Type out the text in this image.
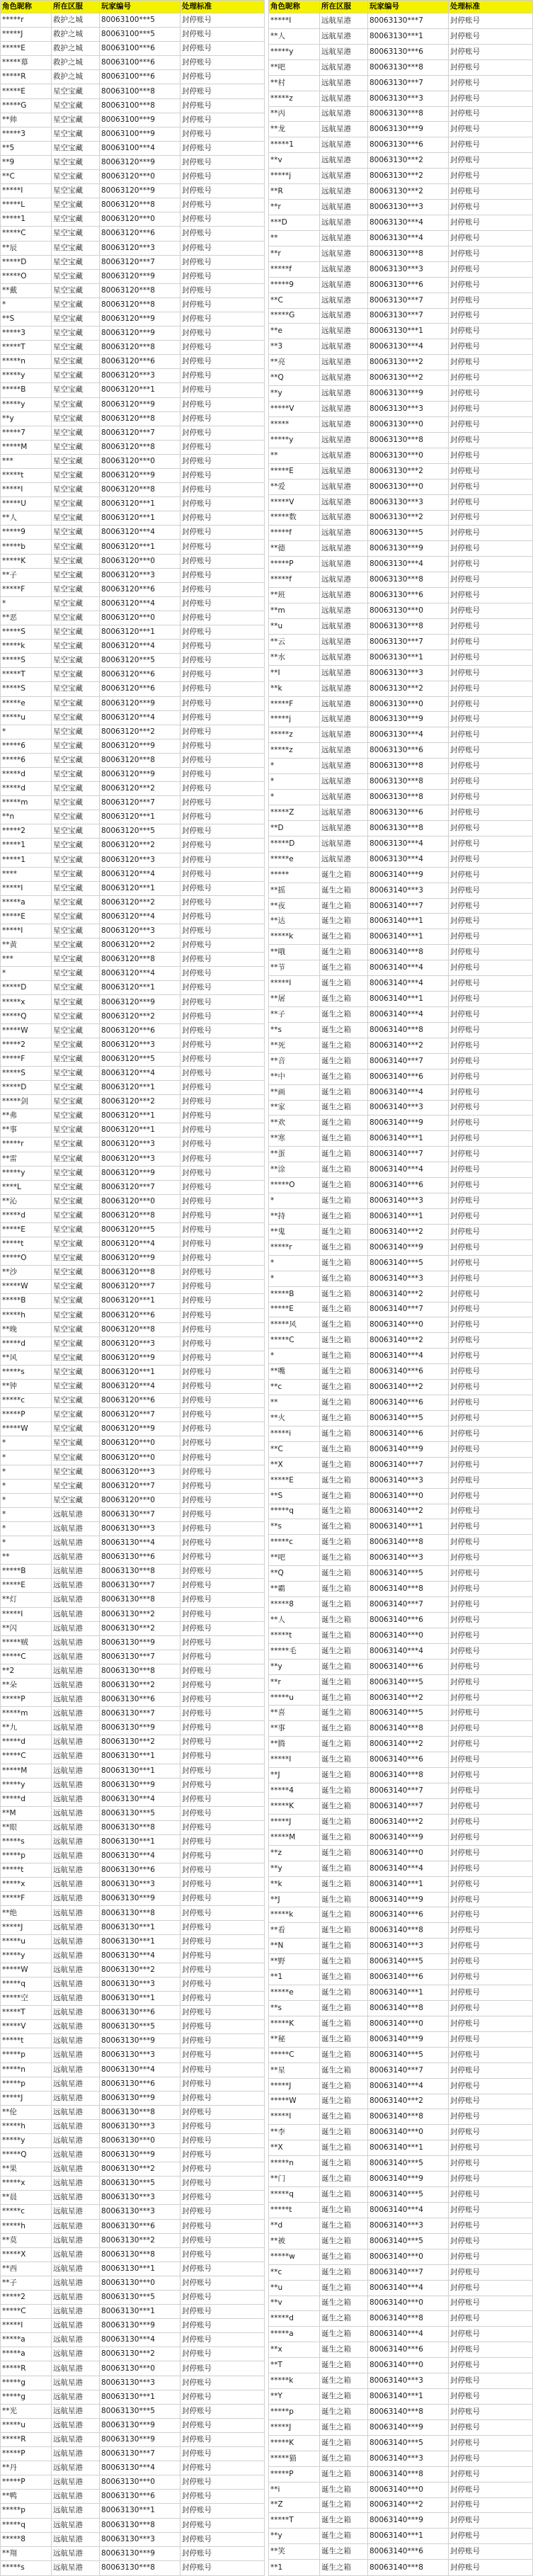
角色昵称	所在区服	玩家编号	处理标准
*****r	救护之城	80063100***5	封停账号
*****J	救护之城	80063100***5	封停账号
*****E	救护之城	80063100***6	封停账号
*****幕	救护之城	80063100***6	封停账号
*****R	救护之城	80063100***6	封停账号
*****E	星空宝藏	80063100***8	封停账号
*****G	星空宝藏	80063100***8	封停账号
**帅	星空宝藏	80063100***9	封停账号
*****3	星空宝藏	80063100***9	封停账号
**5	星空宝藏	80063100***4	封停账号
**9	星空宝藏	80063120***9	封停账号
**C	星空宝藏	80063120***0	封停账号
*****I	星空宝藏	80063120***9	封停账号
*****L	星空宝藏	80063120***8	封停账号
*****1	星空宝藏	80063120***0	封停账号
*****C	星空宝藏	80063120***6	封停账号
**辰	星空宝藏	80063120***3	封停账号
*****D	星空宝藏	80063120***7	封停账号
*****O	星空宝藏	80063120***9	封停账号
**戴	星空宝藏	80063120***8	封停账号
*	星空宝藏	80063120***8	封停账号
**S	星空宝藏	80063120***9	封停账号
*****3	星空宝藏	80063120***9	封停账号
*****T	星空宝藏	80063120***8	封停账号
*****n	星空宝藏	80063120***6	封停账号
*****y	星空宝藏	80063120***3	封停账号
*****B	星空宝藏	80063120***1	封停账号
*****y	星空宝藏	80063120***9	封停账号
**y	星空宝藏	80063120***8	封停账号
*****7	星空宝藏	80063120***7	封停账号
*****M	星空宝藏	80063120***8	封停账号
***	星空宝藏	80063120***0	封停账号
*****t	星空宝藏	80063120***9	封停账号
*****I	星空宝藏	80063120***8	封停账号
*****U	星空宝藏	80063120***1	封停账号
**人	星空宝藏	80063120***1	封停账号
*****9	星空宝藏	80063120***4	封停账号
*****b	星空宝藏	80063120***1	封停账号
*****K	星空宝藏	80063120***0	封停账号
**子	星空宝藏	80063120***3	封停账号
*****F	星空宝藏	80063120***6	封停账号
*	星空宝藏	80063120***4	封停账号
**恶	星空宝藏	80063120***0	封停账号
*****S	星空宝藏	80063120***1	封停账号
*****k	星空宝藏	80063120***4	封停账号
*****S	星空宝藏	80063120***5	封停账号
*****T	星空宝藏	80063120***6	封停账号
*****S	星空宝藏	80063120***6	封停账号
*****e	星空宝藏	80063120***9	封停账号
*****u	星空宝藏	80063120***4	封停账号
*	星空宝藏	80063120***2	封停账号
*****6	星空宝藏	80063120***9	封停账号
*****6	星空宝藏	80063120***8	封停账号
*****d	星空宝藏	80063120***9	封停账号
*****d	星空宝藏	80063120***2	封停账号
*****m	星空宝藏	80063120***7	封停账号
**n	星空宝藏	80063120***1	封停账号
*****2	星空宝藏	80063120***5	封停账号
*****1	星空宝藏	80063120***2	封停账号
*****1	星空宝藏	80063120***3	封停账号
****	星空宝藏	80063120***4	封停账号
*****I	星空宝藏	80063120***1	封停账号
*****a	星空宝藏	80063120***2	封停账号
*****E	星空宝藏	80063120***4	封停账号
*****I	星空宝藏	80063120***3	封停账号
**黄	星空宝藏	80063120***2	封停账号
***	星空宝藏	80063120***8	封停账号
*	星空宝藏	80063120***4	封停账号
*****D	星空宝藏	80063120***1	封停账号
*****x	星空宝藏	80063120***9	封停账号
*****Q	星空宝藏	80063120***2	封停账号
*****W	星空宝藏	80063120***6	封停账号
*****2	星空宝藏	80063120***3	封停账号
*****F	星空宝藏	80063120***5	封停账号
*****S	星空宝藏	80063120***4	封停账号
*****D	星空宝藏	80063120***1	封停账号
*****剑	星空宝藏	80063120***2	封停账号
**弗	星空宝藏	80063120***1	封停账号
**事	星空宝藏	80063120***1	封停账号
*****r	星空宝藏	80063120***3	封停账号
**雷	星空宝藏	80063120***3	封停账号
*****y	星空宝藏	80063120***9	封停账号
****L	星空宝藏	80063120***7	封停账号
**沁	星空宝藏	80063120***0	封停账号
*****d	星空宝藏	80063120***8	封停账号
*****E	星空宝藏	80063120***5	封停账号
*****t	星空宝藏	80063120***4	封停账号
*****O	星空宝藏	80063120***9	封停账号
**沙	星空宝藏	80063120***8	封停账号
*****W	星空宝藏	80063120***7	封停账号
*****B	星空宝藏	80063120***1	封停账号
*****h	星空宝藏	80063120***6	封停账号
**晚	星空宝藏	80063120***8	封停账号
*****d	星空宝藏	80063120***3	封停账号
**风	星空宝藏	80063120***9	封停账号
*****s	星空宝藏	80063120***1	封停账号
**钟	星空宝藏	80063120***4	封停账号
*****c	星空宝藏	80063120***6	封停账号
*****P	星空宝藏	80063120***7	封停账号
*****W	星空宝藏	80063120***9	封停账号
*	星空宝藏	80063120***0	封停账号
*	星空宝藏	80063120***0	封停账号
*	星空宝藏	80063120***3	封停账号
*	星空宝藏	80063120***7	封停账号
*	星空宝藏	80063120***0	封停账号
*	远航星港	80063130***7	封停账号
*	远航星港	80063130***3	封停账号
*	远航星港	80063130***4	封停账号
**	远航星港	80063130***6	封停账号
*****B	远航星港	80063130***8	封停账号
*****E	远航星港	80063130***7	封停账号
**灯	远航星港	80063130***8	封停账号
*****I	远航星港	80063130***2	封停账号
**闪	远航星港	80063130***2	封停账号
*****贼	远航星港	80063130***9	封停账号
*****C	远航星港	80063130***7	封停账号
**2	远航星港	80063130***8	封停账号
**朵	远航星港	80063130***2	封停账号
*****P	远航星港	80063130***6	封停账号
*****m	远航星港	80063130***7	封停账号
**九	远航星港	80063130***9	封停账号
*****d	远航星港	80063130***2	封停账号
*****C	远航星港	80063130***1	封停账号
*****M	远航星港	80063130***1	封停账号
*****y	远航星港	80063130***9	封停账号
*****d	远航星港	80063130***4	封停账号
**M	远航星港	80063130***5	封停账号
**眼	远航星港	80063130***8	封停账号
*****s	远航星港	80063130***1	封停账号
*****p	远航星港	80063130***4	封停账号
*****t	远航星港	80063130***6	封停账号
*****x	远航星港	80063130***3	封停账号
*****F	远航星港	80063130***9	封停账号
**绝	远航星港	80063130***8	封停账号
*****J	远航星港	80063130***1	封停账号
*****u	远航星港	80063130***1	封停账号
*****y	远航星港	80063130***4	封停账号
*****W	远航星港	80063130***2	封停账号
*****q	远航星港	80063130***3	封停账号
*****空	远航星港	80063130***1	封停账号
*****T	远航星港	80063130***6	封停账号
*****V	远航星港	80063130***5	封停账号
*****t	远航星港	80063130***9	封停账号
*****p	远航星港	80063130***3	封停账号
*****n	远航星港	80063130***4	封停账号
*****p	远航星港	80063130***6	封停账号
*****J	远航星港	80063130***9	封停账号
**伦	远航星港	80063130***8	封停账号
*****h	远航星港	80063130***3	封停账号
*****y	远航星港	80063130***0	封停账号
*****Q	远航星港	80063130***9	封停账号
**果	远航星港	80063130***2	封停账号
*****x	远航星港	80063130***5	封停账号
**晨	远航星港	80063130***3	封停账号
*****c	远航星港	80063130***3	封停账号
*****h	远航星港	80063130***6	封停账号
**莫	远航星港	80063130***2	封停账号
*****X	远航星港	80063130***8	封停账号
**西	远航星港	80063130***1	封停账号
**子	远航星港	80063130***0	封停账号
*****2	远航星港	80063130***5	封停账号
*****C	远航星港	80063130***1	封停账号
*****I	远航星港	80063130***9	封停账号
*****a	远航星港	80063130***4	封停账号
*****a	远航星港	80063130***2	封停账号
*****R	远航星港	80063130***0	封停账号
*****g	远航星港	80063130***3	封停账号
*****g	远航星港	80063130***1	封停账号
**光	远航星港	80063130***5	封停账号
*****u	远航星港	80063130***9	封停账号
*****R	远航星港	80063130***9	封停账号
*****P	远航星港	80063130***7	封停账号
**丹	远航星港	80063130***4	封停账号
*****P	远航星港	80063130***0	封停账号
**鸭	远航星港	80063130***6	封停账号
*****p	远航星港	80063130***1	封停账号
*****q	远航星港	80063130***8	封停账号
*****8	远航星港	80063130***3	封停账号
**翔	远航星港	80063130***9	封停账号
*****s	远航星港	80063130***8	封停账号
角色昵称	所在区服	玩家编号	处理标准
*****I	远航星港	80063130***7	封停账号
**人	远航星港	80063130***1	封停账号
*****y	远航星港	80063130***6	封停账号
**吧	远航星港	80063130***8	封停账号
**村	远航星港	80063130***7	封停账号
*****z	远航星港	80063130***3	封停账号
**丙	远航星港	80063130***8	封停账号
**龙	远航星港	80063130***9	封停账号
*****1	远航星港	80063130***6	封停账号
**v	远航星港	80063130***2	封停账号
*****j	远航星港	80063130***2	封停账号
**R	远航星港	80063130***2	封停账号
**r	远航星港	80063130***3	封停账号
***D	远航星港	80063130***4	封停账号
**	远航星港	80063130***4	封停账号
**r	远航星港	80063130***8	封停账号
*****f	远航星港	80063130***3	封停账号
*****9	远航星港	80063130***6	封停账号
**C	远航星港	80063130***7	封停账号
*****G	远航星港	80063130***7	封停账号
**e	远航星港	80063130***1	封停账号
**3	远航星港	80063130***4	封停账号
**亮	远航星港	80063130***2	封停账号
**Q	远航星港	80063130***2	封停账号
**y	远航星港	80063130***9	封停账号
*****V	远航星港	80063130***3	封停账号
*****	远航星港	80063130***0	封停账号
*****y	远航星港	80063130***8	封停账号
**	远航星港	80063130***0	封停账号
*****E	远航星港	80063130***2	封停账号
**爱	远航星港	80063130***0	封停账号
*****V	远航星港	80063130***3	封停账号
*****数	远航星港	80063130***2	封停账号
*****f	远航星港	80063130***5	封停账号
**德	远航星港	80063130***9	封停账号
*****P	远航星港	80063130***4	封停账号
*****f	远航星港	80063130***8	封停账号
**班	远航星港	80063130***6	封停账号
**m	远航星港	80063130***0	封停账号
**u	远航星港	80063130***8	封停账号
**云	远航星港	80063130***7	封停账号
**水	远航星港	80063130***1	封停账号
**I	远航星港	80063130***3	封停账号
**k	远航星港	80063130***2	封停账号
*****F	远航星港	80063130***0	封停账号
*****j	远航星港	80063130***9	封停账号
*****z	远航星港	80063130***4	封停账号
*****z	远航星港	80063130***6	封停账号
*	远航星港	80063130***8	封停账号
*	远航星港	80063130***8	封停账号
*	远航星港	80063130***8	封停账号
*****Z	远航星港	80063130***6	封停账号
**D	远航星港	80063130***8	封停账号
*****D	远航星港	80063130***4	封停账号
*****e	远航星港	80063130***4	封停账号
*****	诞生之箱	80063140***9	封停账号
**摇	诞生之箱	80063140***3	封停账号
**夜	诞生之箱	80063140***7	封停账号
**达	诞生之箱	80063140***1	封停账号
*****k	诞生之箱	80063140***1	封停账号
**哦	诞生之箱	80063140***8	封停账号
**节	诞生之箱	80063140***4	封停账号
*****I	诞生之箱	80063140***4	封停账号
**屠	诞生之箱	80063140***1	封停账号
**子	诞生之箱	80063140***4	封停账号
**s	诞生之箱	80063140***8	封停账号
**死	诞生之箱	80063140***2	封停账号
**音	诞生之箱	80063140***7	封停账号
**中	诞生之箱	80063140***6	封停账号
**画	诞生之箱	80063140***4	封停账号
**家	诞生之箱	80063140***3	封停账号
**欢	诞生之箱	80063140***9	封停账号
**寒	诞生之箱	80063140***1	封停账号
**蛋	诞生之箱	80063140***7	封停账号
**涂	诞生之箱	80063140***4	封停账号
*****O	诞生之箱	80063140***6	封停账号
*	诞生之箱	80063140***3	封停账号
**持	诞生之箱	80063140***1	封停账号
**鬼	诞生之箱	80063140***2	封停账号
*****r	诞生之箱	80063140***9	封停账号
*	诞生之箱	80063140***5	封停账号
*	诞生之箱	80063140***3	封停账号
*****B	诞生之箱	80063140***2	封停账号
*****E	诞生之箱	80063140***7	封停账号
*****风	诞生之箱	80063140***0	封停账号
*****C	诞生之箱	80063140***2	封停账号
*	诞生之箱	80063140***4	封停账号
**嘴	诞生之箱	80063140***6	封停账号
**c	诞生之箱	80063140***2	封停账号
**	诞生之箱	80063140***6	封停账号
**火	诞生之箱	80063140***5	封停账号
*****i	诞生之箱	80063140***6	封停账号
**C	诞生之箱	80063140***9	封停账号
**X	诞生之箱	80063140***7	封停账号
*****E	诞生之箱	80063140***3	封停账号
**S	诞生之箱	80063140***0	封停账号
*****q	诞生之箱	80063140***2	封停账号
**s	诞生之箱	80063140***1	封停账号
*****c	诞生之箱	80063140***8	封停账号
**吧	诞生之箱	80063140***3	封停账号
**Q	诞生之箱	80063140***5	封停账号
**霸	诞生之箱	80063140***8	封停账号
*****8	诞生之箱	80063140***7	封停账号
**人	诞生之箱	80063140***6	封停账号
*****t	诞生之箱	80063140***0	封停账号
*****毛	诞生之箱	80063140***4	封停账号
**y	诞生之箱	80063140***6	封停账号
**r	诞生之箱	80063140***5	封停账号
*****u	诞生之箱	80063140***2	封停账号
**喜	诞生之箱	80063140***5	封停账号
**事	诞生之箱	80063140***8	封停账号
**腾	诞生之箱	80063140***2	封停账号
*****I	诞生之箱	80063140***6	封停账号
**J	诞生之箱	80063140***8	封停账号
*****4	诞生之箱	80063140***7	封停账号
*****K	诞生之箱	80063140***7	封停账号
*****J	诞生之箱	80063140***2	封停账号
*****M	诞生之箱	80063140***9	封停账号
**z	诞生之箱	80063140***0	封停账号
**y	诞生之箱	80063140***4	封停账号
**k	诞生之箱	80063140***1	封停账号
**J	诞生之箱	80063140***9	封停账号
*****k	诞生之箱	80063140***6	封停账号
**看	诞生之箱	80063140***8	封停账号
**N	诞生之箱	80063140***3	封停账号
**野	诞生之箱	80063140***5	封停账号
**1	诞生之箱	80063140***6	封停账号
*****e	诞生之箱	80063140***1	封停账号
**s	诞生之箱	80063140***8	封停账号
*****K	诞生之箱	80063140***0	封停账号
**秘	诞生之箱	80063140***9	封停账号
*****C	诞生之箱	80063140***5	封停账号
**星	诞生之箱	80063140***7	封停账号
*****J	诞生之箱	80063140***4	封停账号
*****W	诞生之箱	80063140***2	封停账号
*****I	诞生之箱	80063140***8	封停账号
**李	诞生之箱	80063140***0	封停账号
**X	诞生之箱	80063140***1	封停账号
*****n	诞生之箱	80063140***5	封停账号
**门	诞生之箱	80063140***9	封停账号
*****q	诞生之箱	80063140***5	封停账号
*****t	诞生之箱	80063140***4	封停账号
**d	诞生之箱	80063140***3	封停账号
**被	诞生之箱	80063140***5	封停账号
*****w	诞生之箱	80063140***0	封停账号
**c	诞生之箱	80063140***7	封停账号
**u	诞生之箱	80063140***4	封停账号
**v	诞生之箱	80063140***0	封停账号
*****d	诞生之箱	80063140***8	封停账号
*****a	诞生之箱	80063140***4	封停账号
**x	诞生之箱	80063140***6	封停账号
**T	诞生之箱	80063140***0	封停账号
*****k	诞生之箱	80063140***3	封停账号
**Y	诞生之箱	80063140***1	封停账号
*****p	诞生之箱	80063140***8	封停账号
*****J	诞生之箱	80063140***9	封停账号
*****K	诞生之箱	80063140***5	封停账号
*****猫	诞生之箱	80063140***3	封停账号
*****P	诞生之箱	80063140***8	封停账号
**i	诞生之箱	80063140***0	封停账号
**Z	诞生之箱	80063140***2	封停账号
*****T	诞生之箱	80063140***9	封停账号
**y	诞生之箱	80063140***1	封停账号
**笑	诞生之箱	80063140***6	封停账号
**1	诞生之箱	80063140***8	封停账号
